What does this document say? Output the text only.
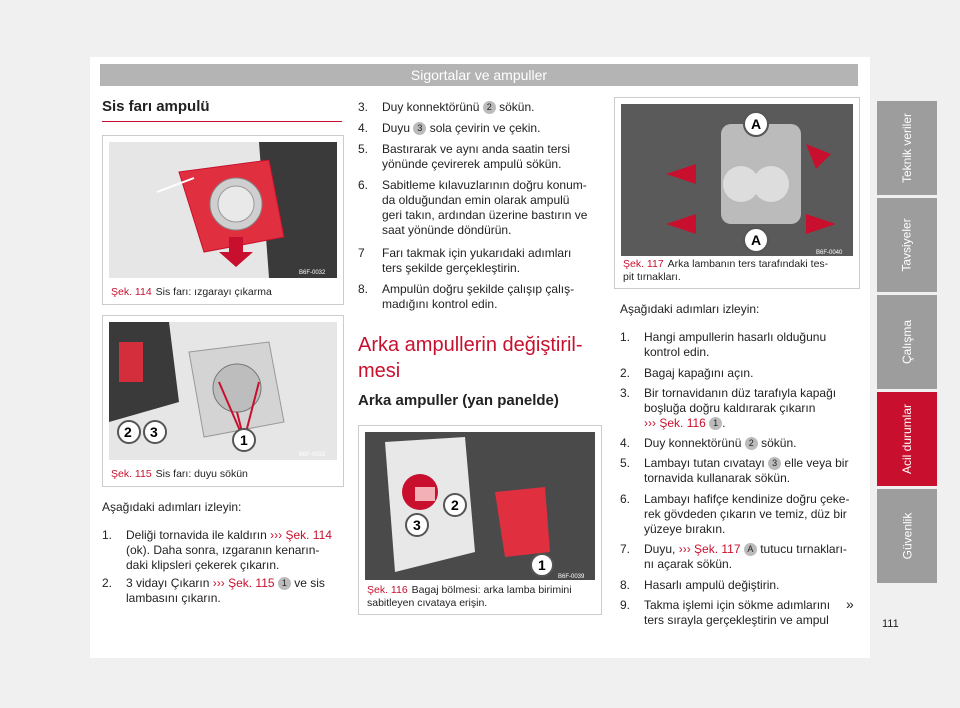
Sigortalar ve ampuller
Teknik veriler
Tavsiyeler
Çalışma
Acil durumlar
Güvenlik
111
Sis farı ampulü
B6F-0032
Şek. 114 Sis farı: ızgarayı çıkarma
2 3	1
B6F-0033
Şek. 115 Sis farı: duyu sökün
Aşağıdaki adımları izleyin:
1. Deliği tornavida ile kaldırın ››› Şek. 114
(ok). Daha sonra, ızgaranın kenarın-
daki klipsleri çekerek çıkarın.
2. 3 vidayı Çıkarın ››› Şek. 115 1 ve sis
lambasını çıkarın.
3. Duy konnektörünü 2 sökün.
4. Duyu 3 sola çevirin ve çekin.
5. Bastırarak ve aynı anda saatin tersi
yönünde çevirerek ampulü sökün.
6. Sabitleme kılavuzlarının doğru konum-
da olduğundan emin olarak ampulü
geri takın, ardından üzerine bastırın ve
saat yönünde döndürün.
7 Farı takmak için yukarıdaki adımları
ters şekilde gerçekleştirin.
8. Ampulün doğru şekilde çalışıp çalış-
madığını kontrol edin.
Arka ampullerin değiştiril-
mesi
Arka ampuller (yan panelde)
2
3
1
B6F-0039
Şek. 116 Bagaj bölmesi: arka lamba birimini
sabitleyen cıvataya erişin.
A
A
B6F-0040
Şek. 117 Arka lambanın ters tarafındaki tes-
pit tırnakları.
Aşağıdaki adımları izleyin:
1. Hangi ampullerin hasarlı olduğunu
kontrol edin.
2. Bagaj kapağını açın.
3. Bir tornavidanın düz tarafıyla kapağı
boşluğa doğru kaldırarak çıkarın
››› Şek. 116 1 .
4. Duy konnektörünü 2 sökün.
5. Lambayı tutan cıvatayı 3 elle veya bir
tornavida kullanarak sökün.
6. Lambayı hafifçe kendinize doğru çeke-
rek gövdeden çıkarın ve temiz, düz bir
yüzeye bırakın.
7. Duyu, ››› Şek. 117 A tutucu tırnakları-
nı açarak sökün.
8. Hasarlı ampulü değiştirin.
9. Takma işlemi için sökme adımlarını
ters sırayla gerçekleştirin ve ampul
»
